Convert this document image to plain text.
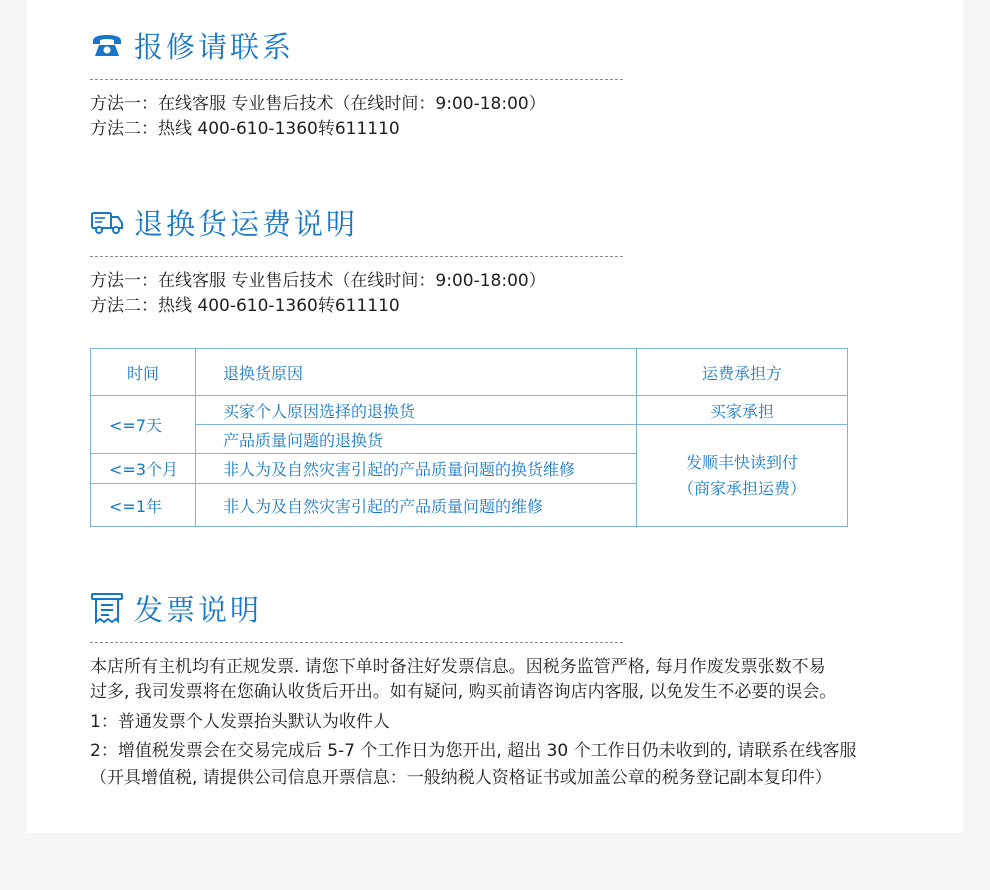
报修请联系
方法一：在线客服 专业售后技术（在线时间：9:00-18:00）
方法二：热线 400-610-1360转611110
退换货运费说明
方法一：在线客服 专业售后技术（在线时间：9:00-18:00）
方法二：热线 400-610-1360转611110
时间	退换货原因	运费承担方
<=7天	买家个人原因选择的退换货	买家承担
	产品质量问题的退换货	发顺丰快读到付
（商家承担运费）

<=3个月	非人为及自然灾害引起的产品质量问题的换货维修	
<=1年	非人为及自然灾害引起的产品质量问题的维修	
发票说明
本店所有主机均有正规发票. 请您下单时备注好发票信息。因税务监管严格, 每月作废发票张数不易
过多, 我司发票将在您确认收货后开出。如有疑问, 购买前请咨询店内客服, 以免发生不必要的误会。
1：普通发票个人发票抬头默认为收件人
2：增值税发票会在交易完成后 5-7 个工作日为您开出, 超出 30 个工作日仍未收到的, 请联系在线客服
（开具增值税, 请提供公司信息开票信息：一般纳税人资格证书或加盖公章的税务登记副本复印件）
